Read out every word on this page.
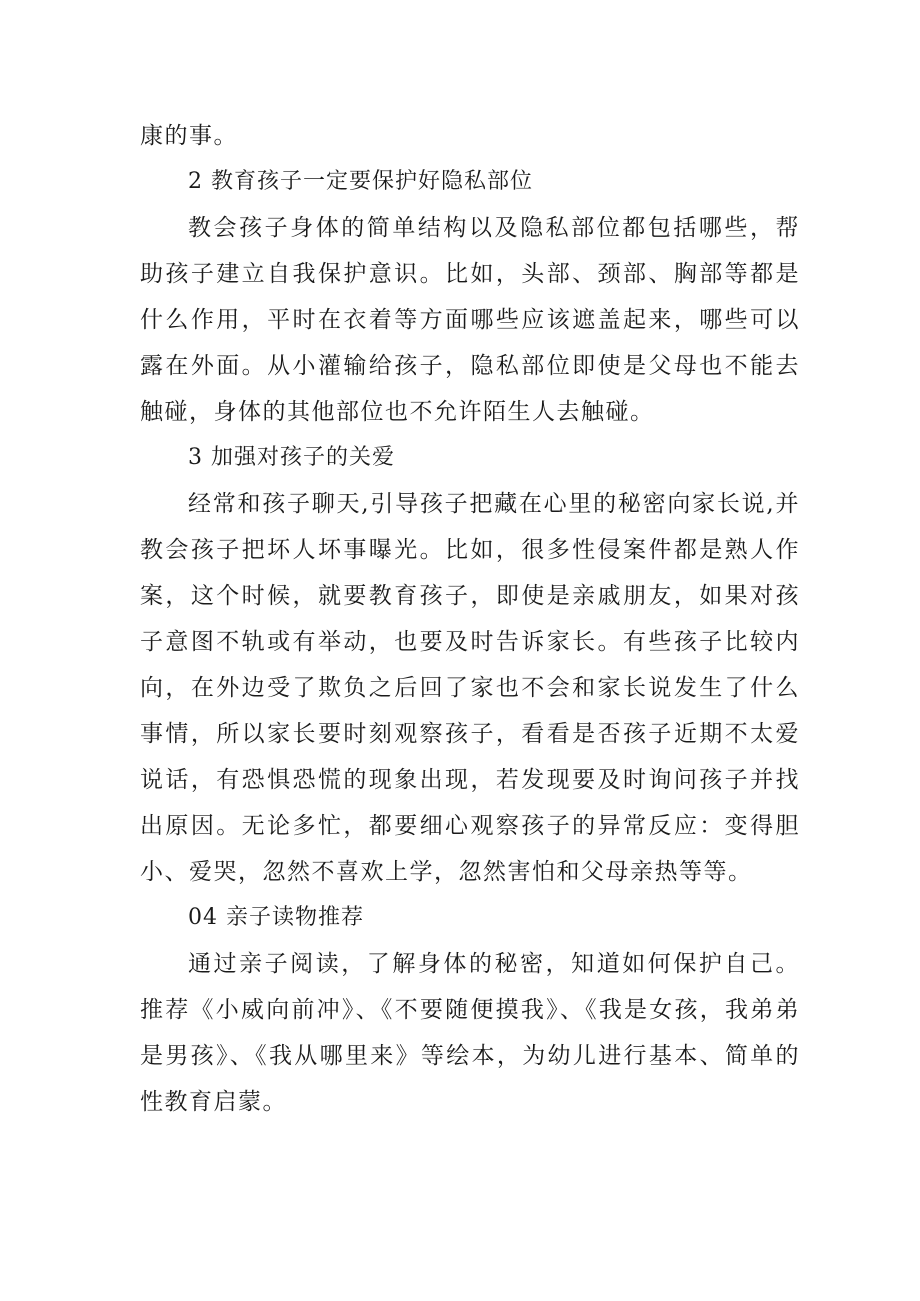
康的事。

2 教育孩子一定要保护好隐私部位

教会孩子身体的简单结构以及隐私部位都包括哪些，帮助孩子建立自我保护意识。比如，头部、颈部、胸部等都是什么作用，平时在衣着等方面哪些应该遮盖起来，哪些可以露在外面。从小灌输给孩子，隐私部位即使是父母也不能去触碰，身体的其他部位也不允许陌生人去触碰。

3 加强对孩子的关爱

经常和孩子聊天,引导孩子把藏在心里的秘密向家长说,并教会孩子把坏人坏事曝光。比如，很多性侵案件都是熟人作案，这个时候，就要教育孩子，即使是亲戚朋友，如果对孩子意图不轨或有举动，也要及时告诉家长。有些孩子比较内向，在外边受了欺负之后回了家也不会和家长说发生了什么事情，所以家长要时刻观察孩子，看看是否孩子近期不太爱说话，有恐惧恐慌的现象出现，若发现要及时询问孩子并找出原因。无论多忙，都要细心观察孩子的异常反应：变得胆小、爱哭，忽然不喜欢上学，忽然害怕和父母亲热等等。

04 亲子读物推荐

通过亲子阅读，了解身体的秘密，知道如何保护自己。推荐《小威向前冲》、《不要随便摸我》、《我是女孩，我弟弟是男孩》、《我从哪里来》等绘本，为幼儿进行基本、简单的性教育启蒙。
